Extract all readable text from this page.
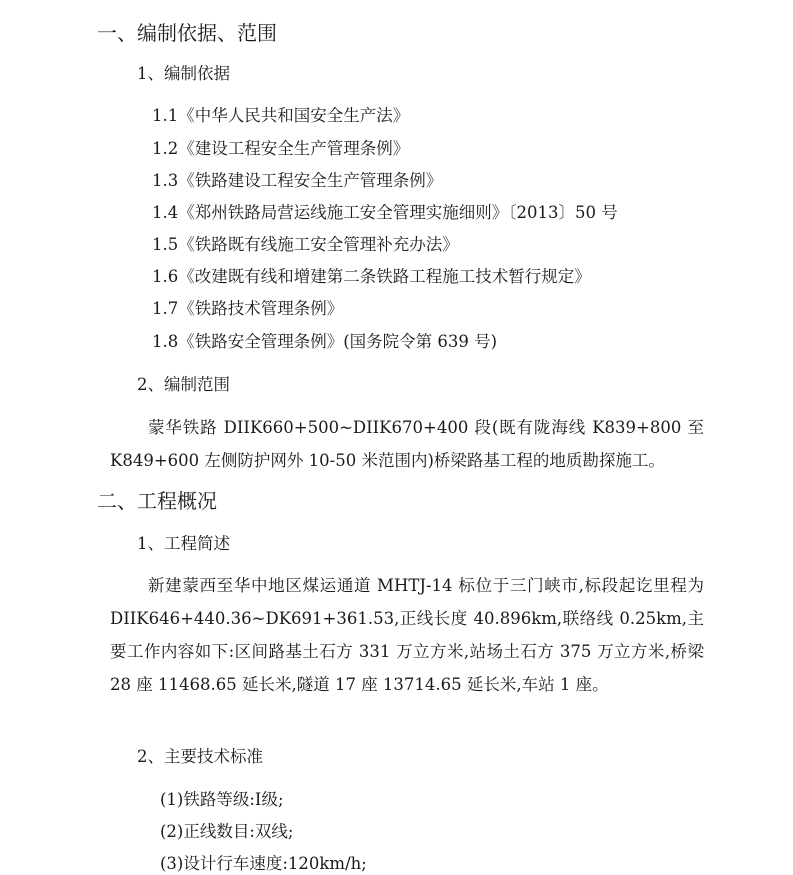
一、编制依据、范围
1、编制依据
1.1《中华人民共和国安全生产法》
1.2《建设工程安全生产管理条例》
1.3《铁路建设工程安全生产管理条例》
1.4《郑州铁路局营运线施工安全管理实施细则》〔2013〕50 号
1.5《铁路既有线施工安全管理补充办法》
1.6《改建既有线和增建第二条铁路工程施工技术暂行规定》
1.7《铁路技术管理条例》
1.8《铁路安全管理条例》(国务院令第 639 号)
2、编制范围
蒙华铁路 DIIK660+500~DIIK670+400 段(既有陇海线 K839+800 至 K849+600 左侧防护网外 10-50 米范围内)桥梁路基工程的地质勘探施工。
二、工程概况
1、工程简述
新建蒙西至华中地区煤运通道 MHTJ-14 标位于三门峡市,标段起讫里程为 DIIK646+440.36~DK691+361.53,正线长度 40.896km,联络线 0.25km,主要工作内容如下:区间路基土石方 331 万立方米,站场土石方 375 万立方米,桥梁 28 座 11468.65 延长米,隧道 17 座 13714.65 延长米,车站 1 座。
2、主要技术标准
(1)铁路等级:Ⅰ级;
(2)正线数目:双线;
(3)设计行车速度:120km/h;
